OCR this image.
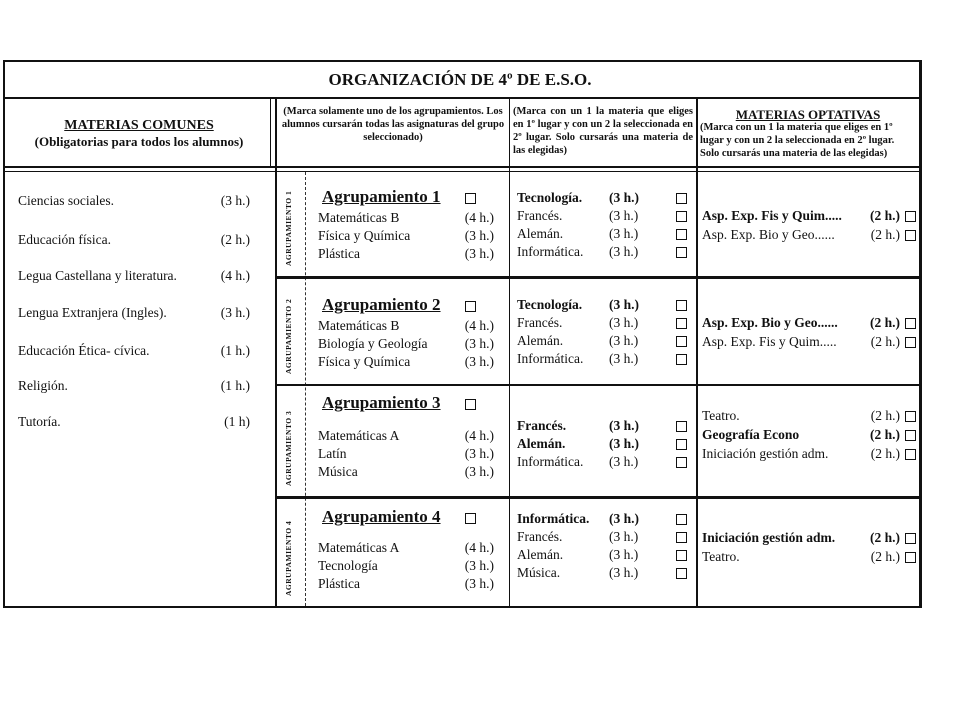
ORGANIZACIÓN DE 4º DE E.S.O.
MATERIAS COMUNES
(Obligatorias para todos los alumnos)
(Marca solamente uno de los agrupamientos. Los alumnos cursarán todas las asignaturas del grupo seleccionado)
(Marca con un 1 la materia que eliges en 1º lugar y con un 2 la seleccionada en 2º lugar. Solo cursarás una materia de las elegidas)
MATERIAS OPTATIVAS
(Marca con un 1 la materia que eliges en 1º lugar y con un 2 la seleccionada en 2º lugar. Solo cursarás una materia de las elegidas)
Ciencias sociales.	(3 h.)
Educación física.	(2 h.)
Legua Castellana y literatura.	(4 h.)
Lengua Extranjera (Ingles).	(3 h.)
Educación Ética- cívica.	(1 h.)
Religión.	(1 h.)
Tutoría.	(1 h)
AGRUPAMIENTO 1 Agrupamiento 1
Matemáticas B	(4 h.)
Física y Química	(3 h.)
Plástica	(3 h.)
Tecnología. (3 h.)
Francés.	(3 h.)
Alemán.	(3 h.)
Informática. (3 h.)
Asp. Exp. Fis y Quim..... (2 h.)
Asp. Exp. Bio y Geo......	(2 h.)
AGRUPAMIENTO 2 Agrupamiento 2
Matemáticas B	(4 h.)
Biología y Geología	(3 h.)
Física y Química	(3 h.)
Tecnología. (3 h.)
Francés.	(3 h.)
Alemán.	(3 h.)
Informática. (3 h.)
Asp. Exp. Bio y Geo...... (2 h.)
Asp. Exp. Fis y Quim.....	(2 h.)
AGRUPAMIENTO 3
Agrupamiento 3
Matemáticas A	(4 h.)
Latín	(3 h.)
Música	(3 h.)
Francés.	(3 h.)
Alemán.	(3 h.)
Informática. (3 h.)
Teatro.	(2 h.)
Geografía Econo	(2 h.)
Iniciación gestión adm.	(2 h.)
AGRUPAMIENTO 4
Agrupamiento 4
Matemáticas A	(4 h.)
Tecnología	(3 h.)
Plástica	(3 h.)
Informática. (3 h.)
Francés.	(3 h.)
Alemán.	(3 h.)
Música.	(3 h.)
Iniciación gestión adm.	(2 h.)
Teatro.	(2 h.)
